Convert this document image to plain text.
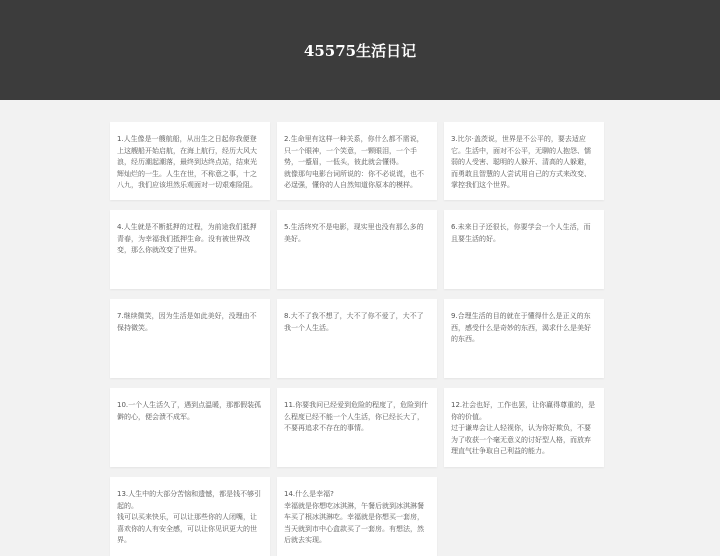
45575生活日记

1.人生像是一艘航船，从出生之日起你我便登上这艘船开始启航，在海上航行，经历大风大浪，经历潮起潮落，最终到达终点站，结束光辉灿烂的一生。人生在世，不称意之事，十之八九，我们应该坦然乐观面对一切艰难险阻。

2.生命里有这样一种关系，你什么都不需说，只一个眼神，一个笑意，一颗眼泪，一个手势，一蹙眉，一低头，彼此就会懂得。
就像那句电影台词所说的：你不必说谎，也不必逞强，懂你的人自然知道你原本的模样。

3.比尔·盖茨说，世界是不公平的，要去适应它。生活中，面对不公平，无聊的人抱怨、懦弱的人受害、聪明的人躲开、清高的人躲避，而勇敢且智慧的人尝试用自己的方式来改变、掌控我们这个世界。

4.人生就是不断抵押的过程，为前途我们抵押青春，为幸福我们抵押生命。没有被世界改变，那么你就改变了世界。

5.生活终究不是电影，现实里也没有那么多的美好。

6.未来日子还很长，你要学会一个人生活，而且要生活的好。

7.继续微笑，因为生活是如此美好，没理由不保持微笑。

8.大不了我不想了，大不了你不爱了，大不了我一个人生活。

9.合理生活的目的就在于懂得什么是正义的东西，感受什么是奇妙的东西，渴求什么是美好的东西。

10.一个人生活久了，遇到点温暖，那都假装孤僻的心，便会溃不成军。

11.你要我问已经爱到危险的程度了，危险到什么程度已经不能一个人生活，你已经长大了，不要再追求不存在的事情。

12.社会也好，工作也罢，让你赢得尊重的，是你的价值。
过于谦卑会让人轻视你，认为你好欺负，不要为了收获一个毫无意义的讨好型人格，而放弃理直气壮争取自己利益的能力。

13.人生中的大部分苦恼和遗憾，都是钱不够引起的。
钱可以买来快乐，可以让那些你的人闭嘴，让喜欢你的人有安全感，可以让你见识更大的世界。

14.什么是幸福?
幸福就是你想吃冰淇淋，午餐后就到冰淇淋餐车买了根冰淇淋吃。幸福就是你想买一套房，当天就到市中心盒款买了一套房。有想法，然后就去实现。
